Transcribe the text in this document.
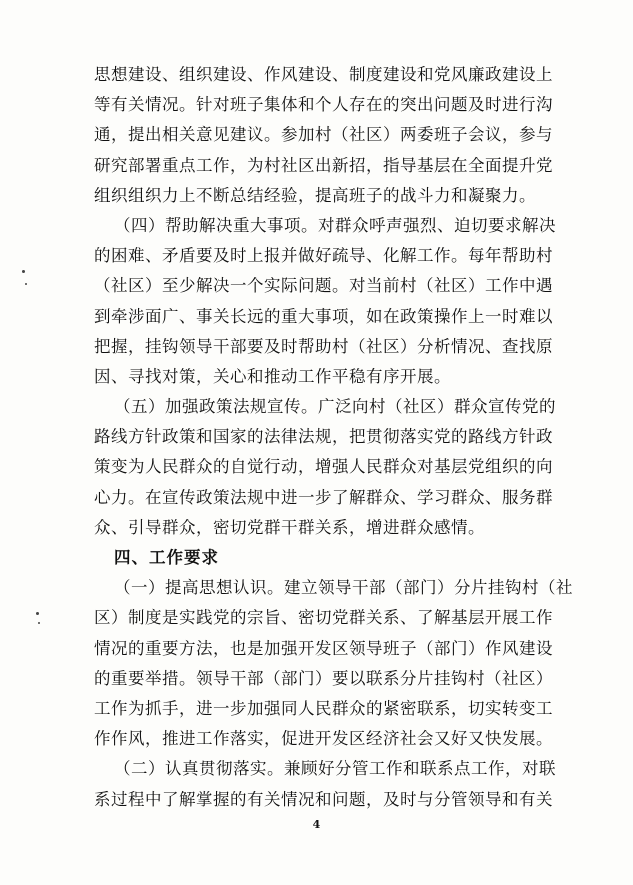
思想建设、组织建设、作风建设、制度建设和党风廉政建设上
等有关情况。针对班子集体和个人存在的突出问题及时进行沟
通，提出相关意见建议。参加村（社区）两委班子会议，参与
研究部署重点工作，为村社区出新招，指导基层在全面提升党
组织组织力上不断总结经验，提高班子的战斗力和凝聚力。
（四）帮助解决重大事项。对群众呼声强烈、迫切要求解决
的困难、矛盾要及时上报并做好疏导、化解工作。每年帮助村
（社区）至少解决一个实际问题。对当前村（社区）工作中遇
到牵涉面广、事关长远的重大事项，如在政策操作上一时难以
把握，挂钩领导干部要及时帮助村（社区）分析情况、查找原
因、寻找对策，关心和推动工作平稳有序开展。
（五）加强政策法规宣传。广泛向村（社区）群众宣传党的
路线方针政策和国家的法律法规，把贯彻落实党的路线方针政
策变为人民群众的自觉行动，增强人民群众对基层党组织的向
心力。在宣传政策法规中进一步了解群众、学习群众、服务群
众、引导群众，密切党群干群关系，增进群众感情。
四、工作要求
（一）提高思想认识。建立领导干部（部门）分片挂钩村（社
区）制度是实践党的宗旨、密切党群关系、了解基层开展工作
情况的重要方法，也是加强开发区领导班子（部门）作风建设
的重要举措。领导干部（部门）要以联系分片挂钩村（社区）
工作为抓手，进一步加强同人民群众的紧密联系，切实转变工
作作风，推进工作落实，促进开发区经济社会又好又快发展。
（二）认真贯彻落实。兼顾好分管工作和联系点工作，对联
系过程中了解掌握的有关情况和问题，及时与分管领导和有关
4
